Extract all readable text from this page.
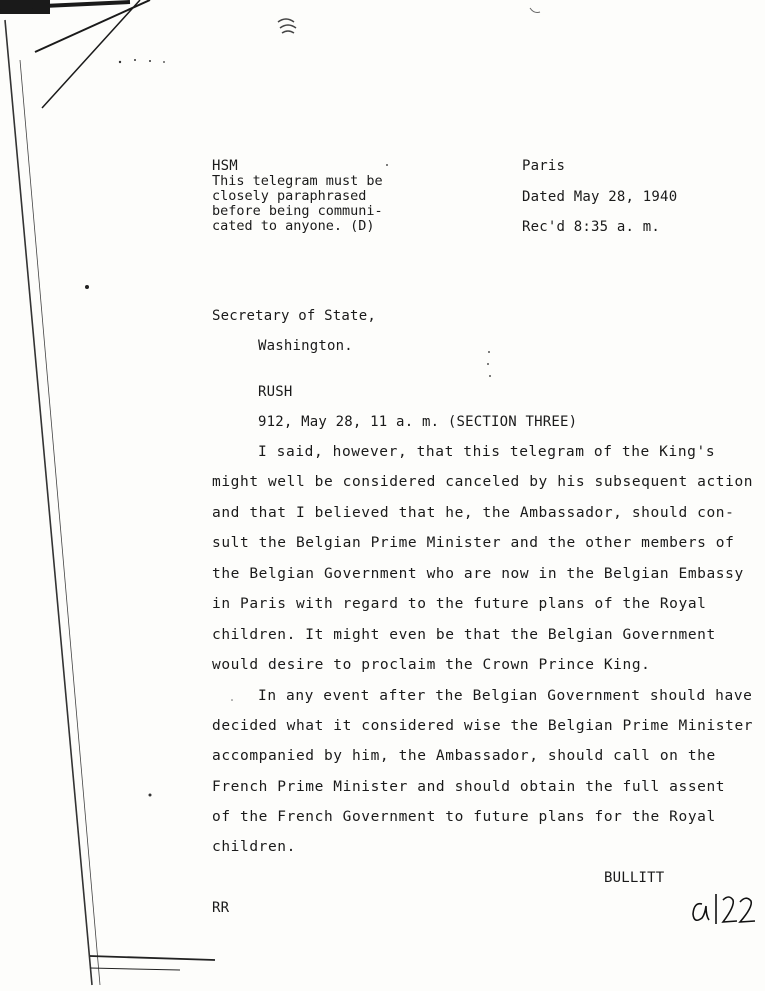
HSM
This telegram must be
closely paraphrased
before being communi-
cated to anyone. (D)
Paris
Dated May 28, 1940
Rec'd 8:35 a. m.
Secretary of State,
Washington.
RUSH
912, May 28, 11 a. m. (SECTION THREE)
I said, however, that this telegram of the King's
might well be considered canceled by his subsequent action
and that I believed that he, the Ambassador, should con-
sult the Belgian Prime Minister and the other members of
the Belgian Government who are now in the Belgian Embassy
in Paris with regard to the future plans of the Royal
children. It might even be that the Belgian Government
would desire to proclaim the Crown Prince King.
In any event after the Belgian Government should have
decided what it considered wise the Belgian Prime Minister
accompanied by him, the Ambassador, should call on the
French Prime Minister and should obtain the full assent
of the French Government to future plans for the Royal
children.
BULLITT
RR
